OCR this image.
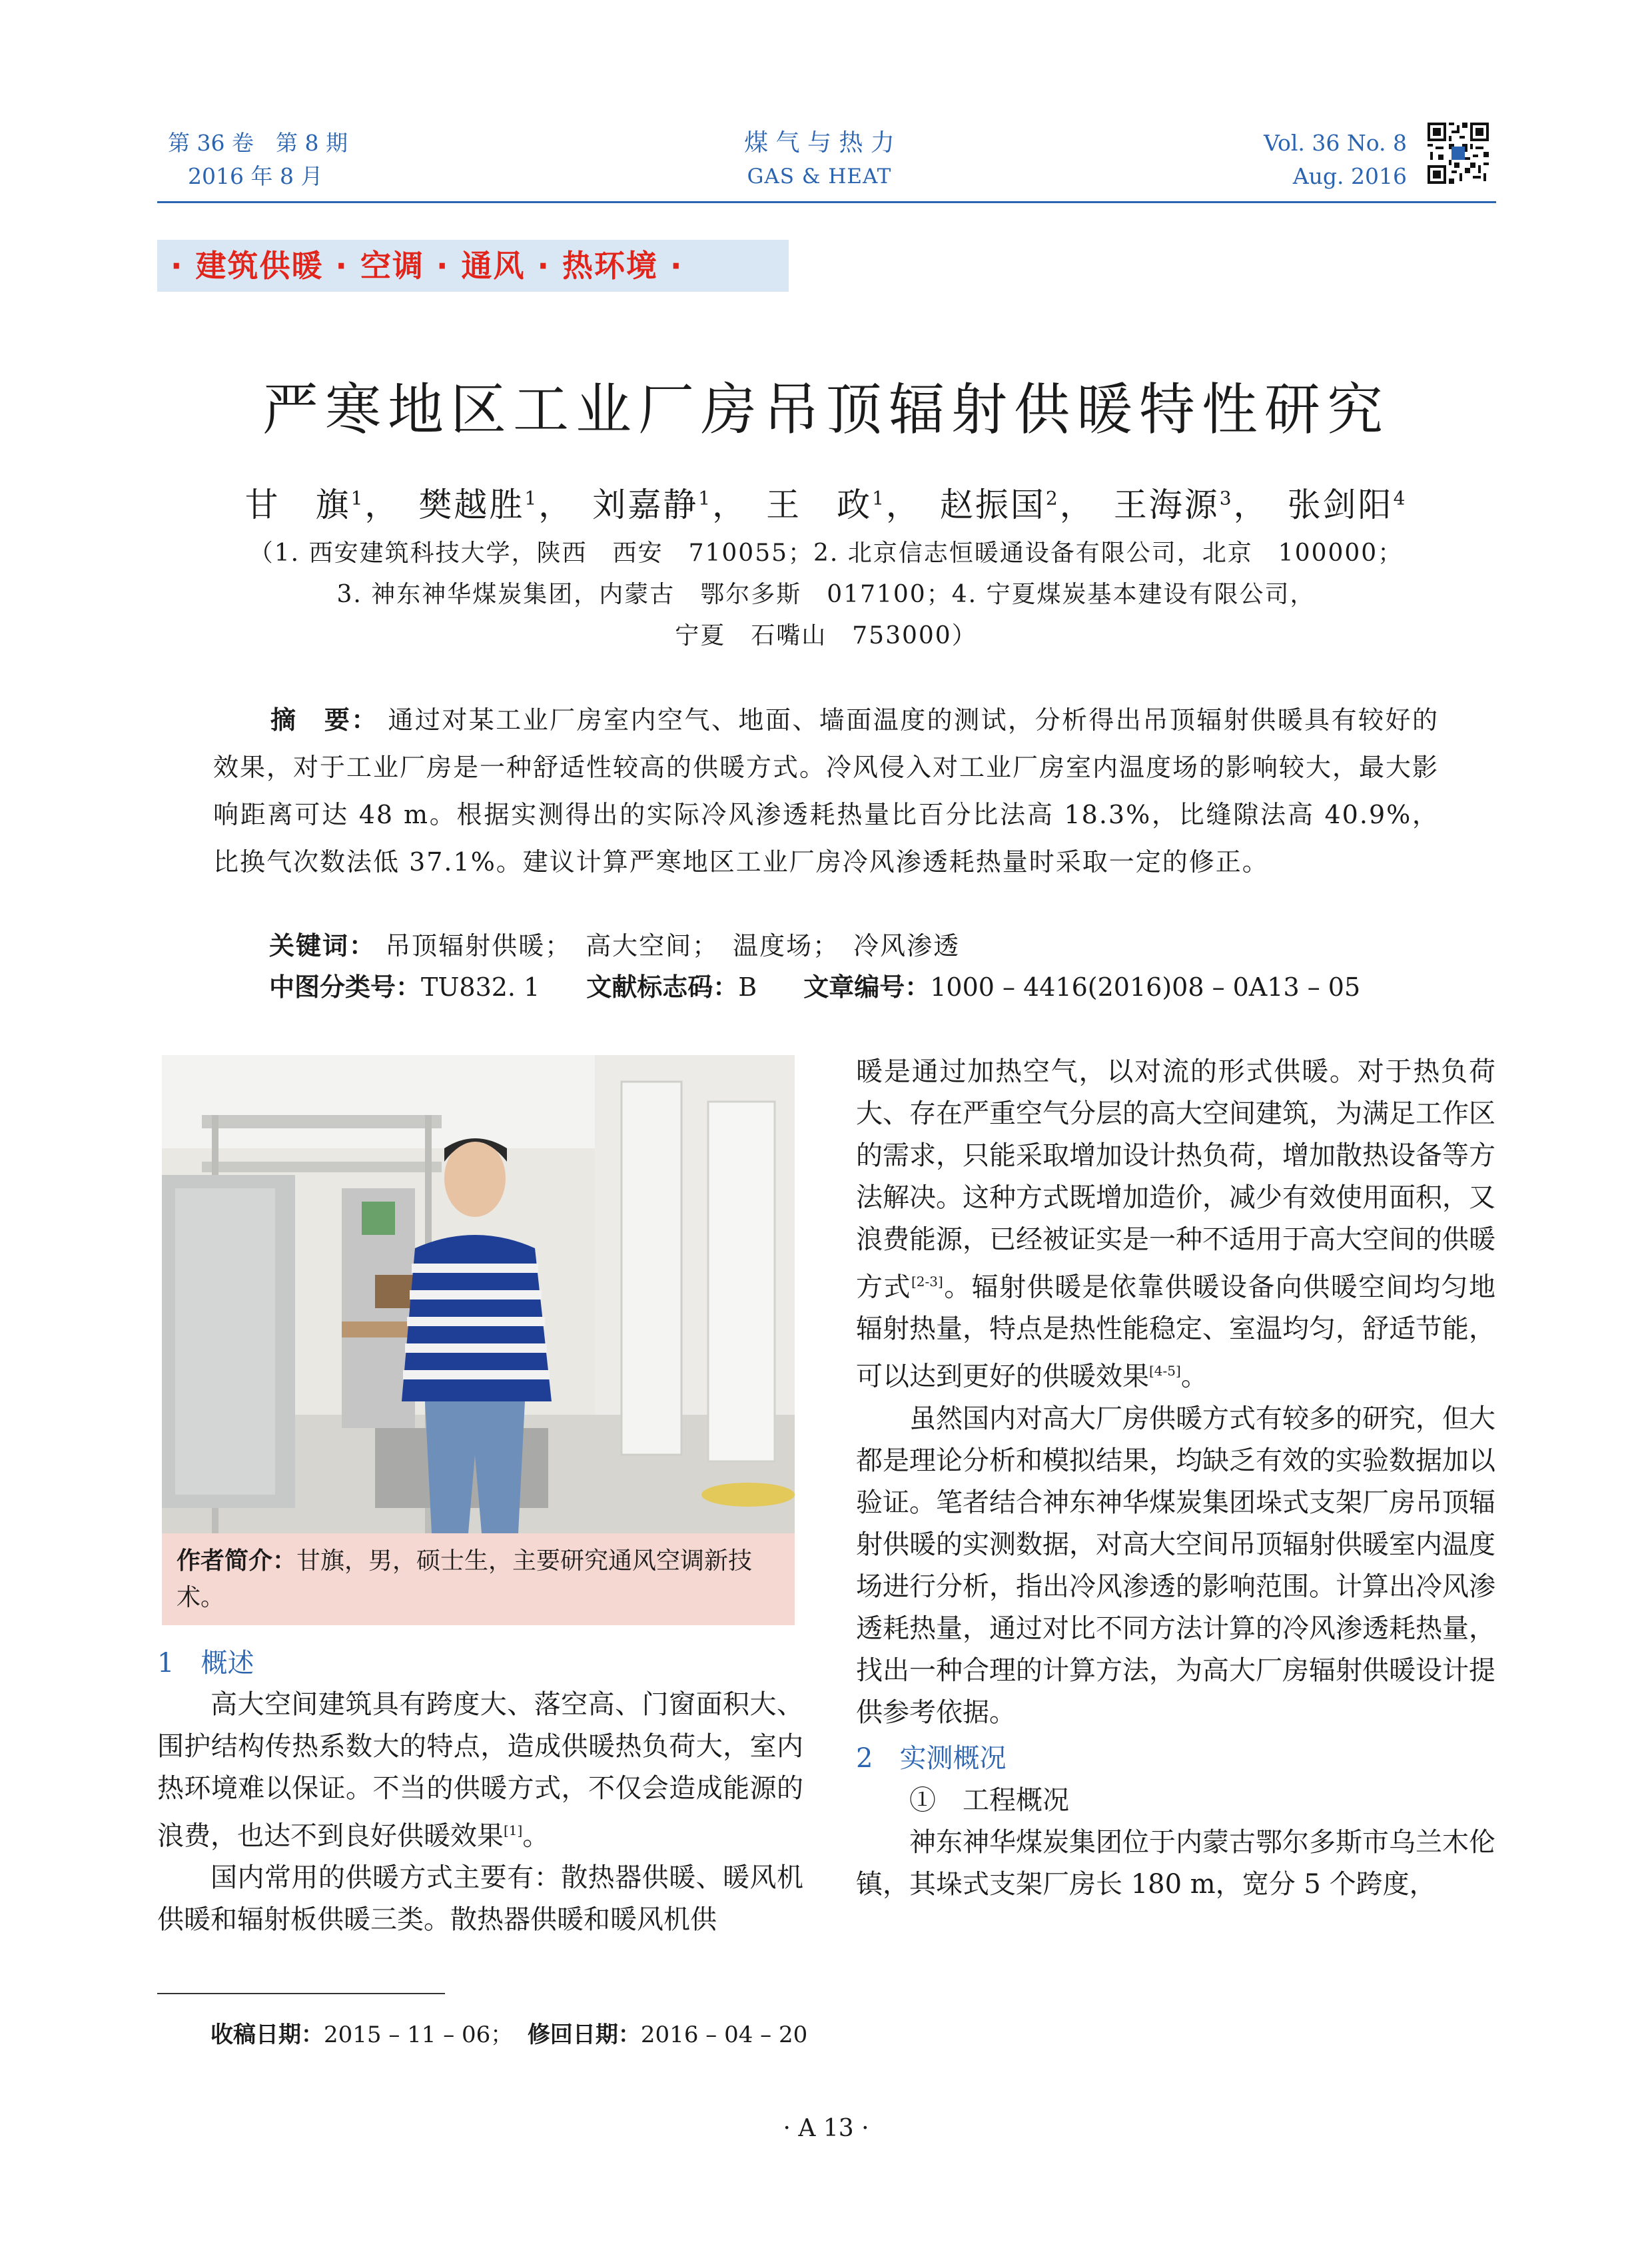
第 36 卷　第 8 期
2016 年 8 月
煤 气 与 热 力
GAS & HEAT
Vol. 36 No. 8
Aug. 2016
· 建筑供暖 · 空调 · 通风 · 热环境 ·
严寒地区工业厂房吊顶辐射供暖特性研究
甘　旗$^1$，　樊越胜$^1$，　刘嘉静$^1$，　王　政$^1$，　赵振国$^2$，　王海源$^3$，　张剑阳$^4$
（1. 西安建筑科技大学，陕西　西安　710055；2. 北京信志恒暖通设备有限公司，北京　100000；
3. 神东神华煤炭集团，内蒙古　鄂尔多斯　017100；4. 宁夏煤炭基本建设有限公司，
宁夏　石嘴山　753000）
摘　要： 通过对某工业厂房室内空气、地面、墙面温度的测试，分析得出吊顶辐射供暖具有较好的效果，对于工业厂房是一种舒适性较高的供暖方式。冷风侵入对工业厂房室内温度场的影响较大，最大影响距离可达 48 m。根据实测得出的实际冷风渗透耗热量比百分比法高 18.3%，比缝隙法高 40.9%，比换气次数法低 37.1%。建议计算严寒地区工业厂房冷风渗透耗热量时采取一定的修正。
关键词： 吊顶辐射供暖；　高大空间；　温度场；　冷风渗透
中图分类号：TU832. 1 文献标志码：B 文章编号：1000 – 4416(2016)08 – 0A13 – 05
作者简介：甘旗，男，硕士生，主要研究通风空调新技术。
1　概述

高大空间建筑具有跨度大、落空高、门窗面积大、围护结构传热系数大的特点，造成供暖热负荷大，室内热环境难以保证。不当的供暖方式，不仅会造成能源的浪费，也达不到良好供暖效果[1]。

国内常用的供暖方式主要有：散热器供暖、暖风机供暖和辐射板供暖三类。散热器供暖和暖风机供

暖是通过加热空气，以对流的形式供暖。对于热负荷大、存在严重空气分层的高大空间建筑，为满足工作区的需求，只能采取增加设计热负荷，增加散热设备等方法解决。这种方式既增加造价，减少有效使用面积，又浪费能源，已经被证实是一种不适用于高大空间的供暖方式[2-3]。辐射供暖是依靠供暖设备向供暖空间均匀地辐射热量，特点是热性能稳定、室温均匀，舒适节能，可以达到更好的供暖效果[4-5]。

虽然国内对高大厂房供暖方式有较多的研究，但大都是理论分析和模拟结果，均缺乏有效的实验数据加以验证。笔者结合神东神华煤炭集团垛式支架厂房吊顶辐射供暖的实测数据，对高大空间吊顶辐射供暖室内温度场进行分析，指出冷风渗透的影响范围。计算出冷风渗透耗热量，通过对比不同方法计算的冷风渗透耗热量，找出一种合理的计算方法，为高大厂房辐射供暖设计提供参考依据。

2　实测概况
①　工程概况

神东神华煤炭集团位于内蒙古鄂尔多斯市乌兰木伦镇，其垛式支架厂房长 180 m，宽分 5 个跨度，

收稿日期：2015 – 11 – 06； 修回日期：2016 – 04 – 20
· A 13 ·
